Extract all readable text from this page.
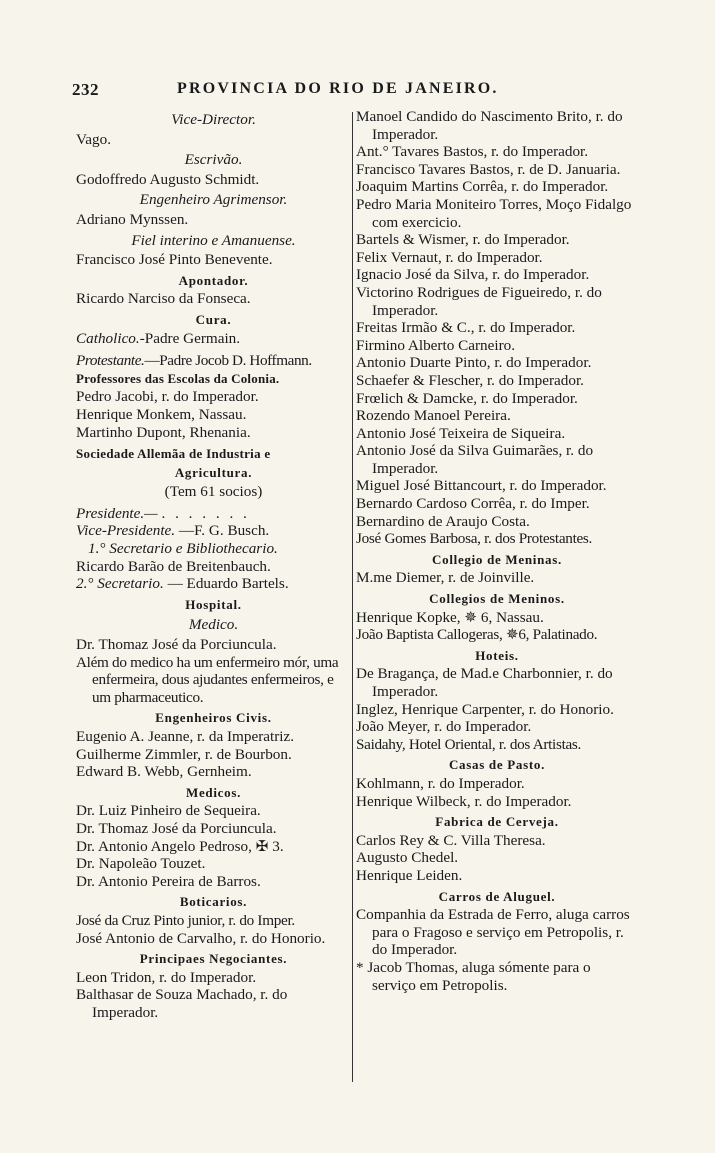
232	PROVINCIA DO RIO DE JANEIRO.
Vice-Director.

Vago.

Escrivão.

Godoffredo Augusto Schmidt.

Engenheiro Agrimensor.

Adriano Mynssen.

Fiel interino e Amanuense.

Francisco José Pinto Benevente.

Apontador.

Ricardo Narciso da Fonseca.

Cura.

Catholico.-Padre Germain.

Protestante.—Padre Jocob D. Hoffmann.

Professores das Escolas da Colonia.

Pedro Jacobi, r. do Imperador.

Henrique Monkem, Nassau.

Martinho Dupont, Rhenania.

Sociedade Allemãa de Industria e
Agricultura.

(Tem 61 socios)

Presidente.— . . . . . . .

Vice-Presidente. —F. G. Busch.

1.° Secretario e Bibliothecario.

Ricardo Barão de Breitenbauch.

2.° Secretario. — Eduardo Bartels.

Hospital.
Medico.

Dr. Thomaz José da Porciuncula.

Além do medico ha um enfermeiro mór, uma enfermeira, dous ajudantes enfermeiros, e um pharmaceutico.

Engenheiros Civis.

Eugenio A. Jeanne, r. da Imperatriz.

Guilherme Zimmler, r. de Bourbon.

Edward B. Webb, Gernheim.

Medicos.

Dr. Luiz Pinheiro de Sequeira.

Dr. Thomaz José da Porciuncula.

Dr. Antonio Angelo Pedroso, ✠ 3.

Dr. Napoleão Touzet.

Dr. Antonio Pereira de Barros.

Boticarios.

José da Cruz Pinto junior, r. do Imper.

José Antonio de Carvalho, r. do Honorio.

Principaes Negociantes.

Leon Tridon, r. do Imperador.

Balthasar de Souza Machado, r. do Imperador.

Manoel Candido do Nascimento Brito, r. do Imperador.

Ant.° Tavares Bastos, r. do Imperador.

Francisco Tavares Bastos, r. de D. Januaria.

Joaquim Martins Corrêa, r. do Imperador.

Pedro Maria Moniteiro Torres, Moço Fidalgo com exercicio.

Bartels & Wismer, r. do Imperador.

Felix Vernaut, r. do Imperador.

Ignacio José da Silva, r. do Imperador.

Victorino Rodrigues de Figueiredo, r. do Imperador.

Freitas Irmão & C., r. do Imperador.

Firmino Alberto Carneiro.

Antonio Duarte Pinto, r. do Imperador.

Schaefer & Flescher, r. do Imperador.

Frœlich & Damcke, r. do Imperador.

Rozendo Manoel Pereira.

Antonio José Teixeira de Siqueira.

Antonio José da Silva Guimarães, r. do Imperador.

Miguel José Bittancourt, r. do Imperador.

Bernardo Cardoso Corrêa, r. do Imper.

Bernardino de Araujo Costa.

José Gomes Barbosa, r. dos Protestantes.

Collegio de Meninas.

M.me Diemer, r. de Joinville.

Collegios de Meninos.

Henrique Kopke, ✵ 6, Nassau.

João Baptista Callogeras, ✵6, Palatinado.

Hoteis.

De Bragança, de Mad.e Charbonnier, r. do Imperador.

Inglez, Henrique Carpenter, r. do Honorio.

João Meyer, r. do Imperador.

Saidahy, Hotel Oriental, r. dos Artistas.

Casas de Pasto.

Kohlmann, r. do Imperador.

Henrique Wilbeck, r. do Imperador.

Fabrica de Cerveja.

Carlos Rey & C. Villa Theresa.

Augusto Chedel.

Henrique Leiden.

Carros de Aluguel.

Companhia da Estrada de Ferro, aluga carros para o Fragoso e serviço em Petropolis, r. do Imperador.

* Jacob Thomas, aluga sómente para o serviço em Petropolis.
